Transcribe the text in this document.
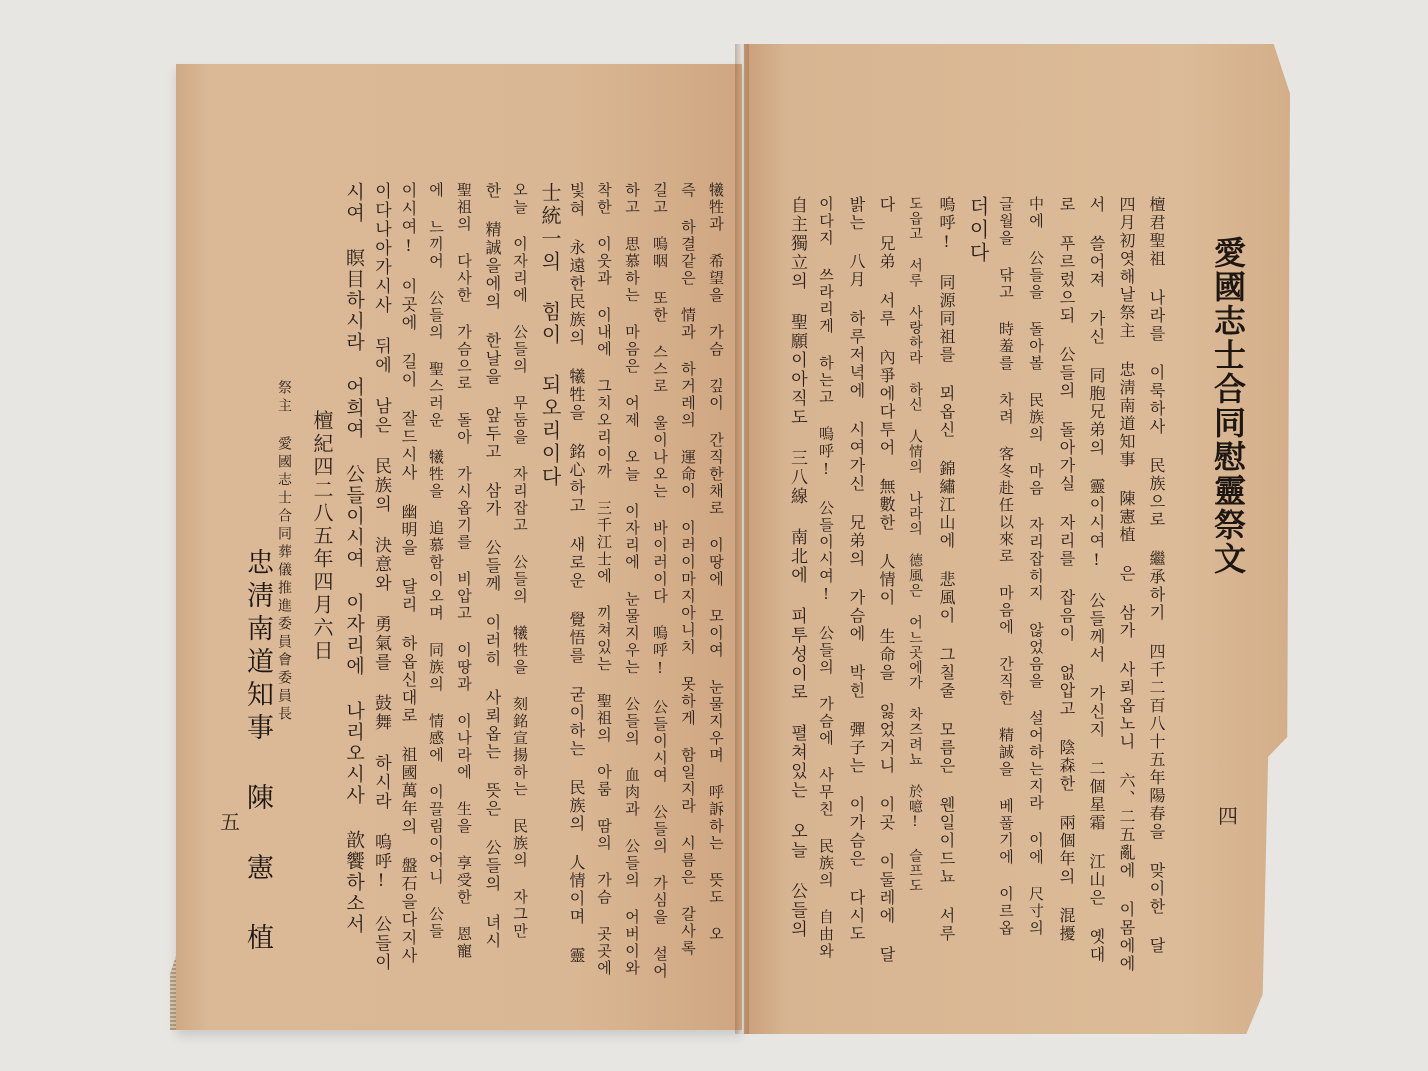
愛國志士合同慰靈祭文
四
檀君聖祖 나라를 이룩하사 民族으로 繼承하기 四千二百八十五年陽春을 맞이한 달
四月初엿해날祭主 忠淸南道知事 陳憲植 은 삼가 사뢰옵노니 六、二五亂에 이몸에에
서 쓸어져 가신 同胞兄弟의 靈이시여! 公들께서 가신지 二個星霜 江山은 옛대
로 푸르렀으되 公들의 돌아가실 자리를 잡음이 없압고 陰森한 兩個年의 混擾
中에 公들을 돌아볼 民族의 마음 자리잡히지 않었음을 설어하는지라 이에 尺寸의
글월을 닦고 時羞를 차려 客冬赴任以來로 마음에 간직한 精誠을 베풀기에 이르옵
더이다
嗚呼! 同源同祖를 뫼옵신 錦繡江山에 悲風이 그칠줄 모름은 웬일이드뇨 서루
도읍고 서루 사랑하라 하신 人情의 나라의 德風은 어느곳에가 차즈려뇨 於噫! 슬프도
다 兄弟 서루 內爭에다투어 無數한 人情이 生命을 잃었거니 이곳 이둘레에 달
밝는 八月 하루저녁에 시여가신 兄弟의 가슴에 박힌 彈子는 이가슴은 다시도
이다지 쓰라리게 하는고 嗚呼! 公들이시여! 公들의 가슴에 사무친 民族의 自由와
自主獨立의 聖願이아직도 三八線 南北에 피투성이로 펼쳐있는 오늘 公들의
犧牲과 希望을 가슴 깊이 간직한채로 이땅에 모이여 눈물지우며 呼訴하는 뜻도 오
즉 하결같은 情과 하거레의 運命이 이러이마지아니치 못하게 함일지라 시름은 갈사록
길고 嗚咽 또한 스스로 울이나오는 바이러이다 嗚呼! 公들이시여 公들의 가심을 설어
하고 思慕하는 마음은 어제 오늘 이자리에 눈물지우는 公들의 血肉과 公들의 어버이와
착한 이웃과 이내에 그치오리이까 三千江士에 끼쳐있는 聖祖의 아룸 땀의 가슴 곳곳에
빛혀 永遠한民族의 犧牲을 銘心하고 새로운 覺悟를 굳이하는 民族의 人情이며 靈
士統一의 힘이 되오리이다
오늘 이자리에 公들의 무둠을 자리잡고 公들의 犧牲을 刻銘宣揚하는 民族의 자그만
한 精誠을에의 한날을 앞두고 삼가 公들께 이러히 사뢰옵는 뜻은 公들의 녀시
聖祖의 다사한 가슴으로 돌아 가시옵기를 비압고 이땅과 이나라에 生을 享受한 恩寵
에 느끼어 公들의 聖스러운 犧牲을 追慕함이오며 同族의 情感에 이끌림이어니 公들
이시여! 이곳에 길이 잘드시사 幽明을 달리 하옵신대로 祖國萬年의 盤石을다지사
이다나아가시사 뒤에 남은 民族의 決意와 勇氣를 鼓舞 하시라 嗚呼! 公들이
시여 瞑目하시라 어희여 公들이시여 이자리에 나리오시사 歆饗하소서
檀紀四二八五年四月六日
祭主 愛國志士合同葬儀推進委員會委員長
忠淸南道知事 陳 憲 植
五
